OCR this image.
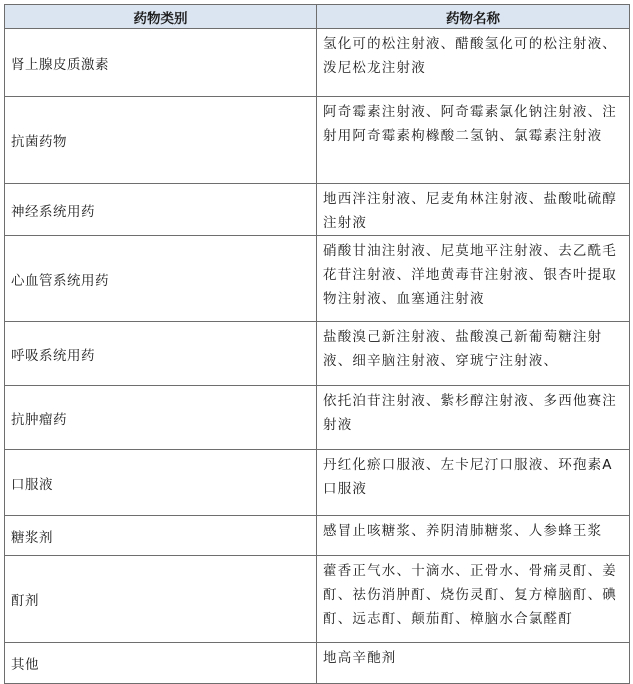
药物类别	药物名称
肾上腺皮质激素	氢化可的松注射液、醋酸氢化可的松注射液、泼尼松龙注射液
抗菌药物	阿奇霉素注射液、阿奇霉素氯化钠注射液、注射用阿奇霉素枸橼酸二氢钠、氯霉素注射液
神经系统用药	地西泮注射液、尼麦角林注射液、盐酸吡硫醇注射液
心血管系统用药	硝酸甘油注射液、尼莫地平注射液、去乙酰毛花苷注射液、洋地黄毒苷注射液、银杏叶提取物注射液、血塞通注射液
呼吸系统用药	盐酸溴己新注射液、盐酸溴己新葡萄糖注射液、细辛脑注射液、穿琥宁注射液、
抗肿瘤药	依托泊苷注射液、紫杉醇注射液、多西他赛注射液
口服液	丹红化瘀口服液、左卡尼汀口服液、环孢素A口服液
糖浆剂	感冒止咳糖浆、养阴清肺糖浆、人参蜂王浆
酊剂	藿香正气水、十滴水、正骨水、骨痛灵酊、姜酊、祛伤消肿酊、烧伤灵酊、复方樟脑酊、碘酊、远志酊、颠茄酊、樟脑水合氯醛酊
其他	地高辛酏剂
